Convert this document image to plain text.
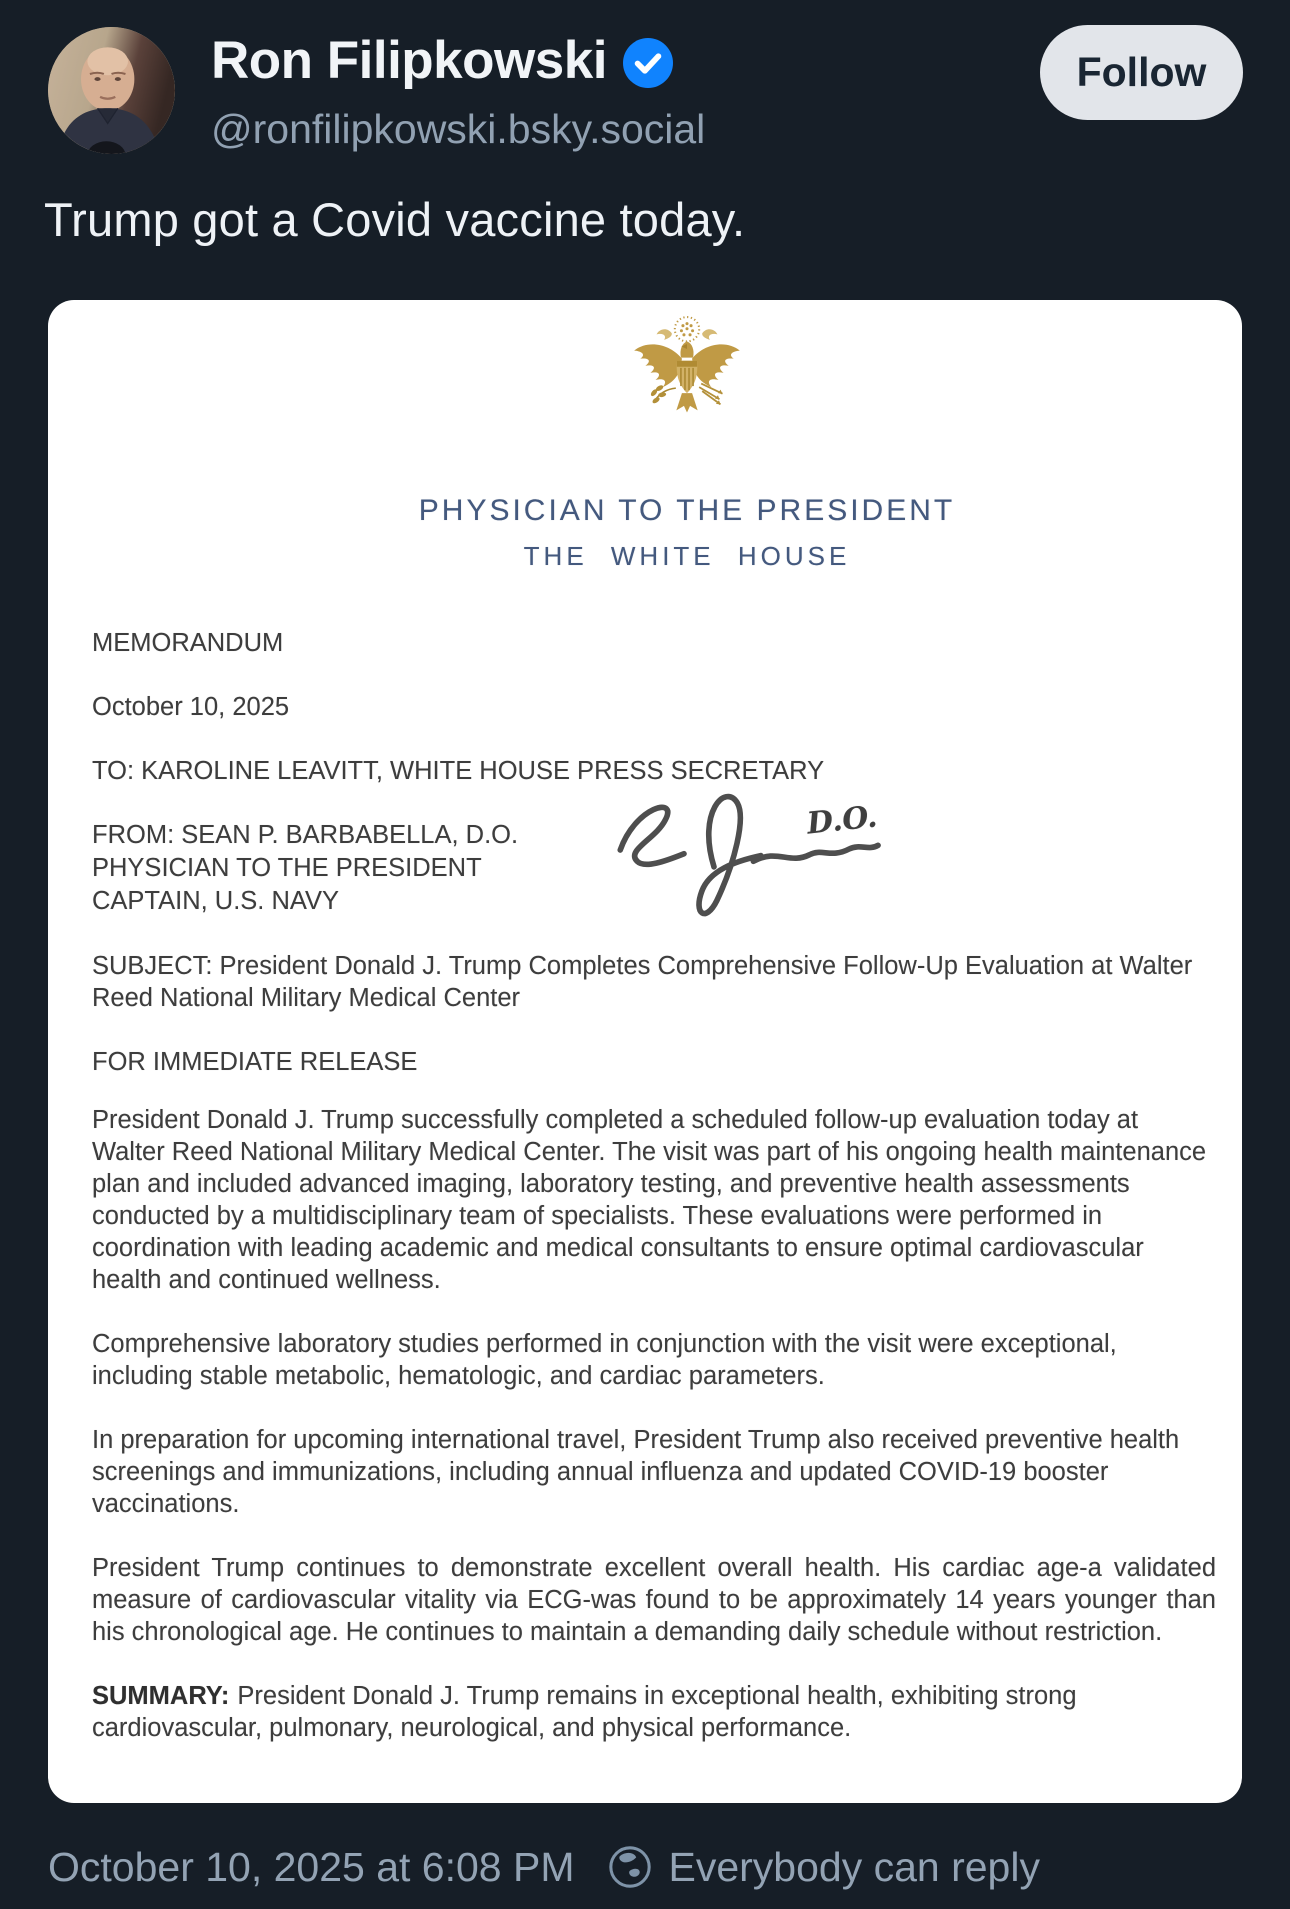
Ron Filipkowski
@ronfilipkowski.bsky.social
Follow
Trump got a Covid vaccine today.
PHYSICIAN TO THE PRESIDENT
THE WHITE HOUSE
MEMORANDUM
October 10, 2025
TO: KAROLINE LEAVITT, WHITE HOUSE PRESS SECRETARY
FROM: SEAN P. BARBABELLA, D.O.
PHYSICIAN TO THE PRESIDENT
CAPTAIN, U.S. NAVY
D.O.
SUBJECT: President Donald J. Trump Completes Comprehensive Follow-Up Evaluation at Walter Reed National Military Medical Center
FOR IMMEDIATE RELEASE

President Donald J. Trump successfully completed a scheduled follow-up evaluation today at Walter Reed National Military Medical Center. The visit was part of his ongoing health maintenance plan and included advanced imaging, laboratory testing, and preventive health assessments conducted by a multidisciplinary team of specialists. These evaluations were performed in coordination with leading academic and medical consultants to ensure optimal cardiovascular health and continued wellness.

Comprehensive laboratory studies performed in conjunction with the visit were exceptional, including stable metabolic, hematologic, and cardiac parameters.

In preparation for upcoming international travel, President Trump also received preventive health screenings and immunizations, including annual influenza and updated COVID-19 booster vaccinations.

President Trump continues to demonstrate excellent overall health. His cardiac age-a validated measure of cardiovascular vitality via ECG-was found to be approximately 14 years younger than his chronological age. He continues to maintain a demanding daily schedule without restriction.

SUMMARY: President Donald J. Trump remains in exceptional health, exhibiting strong cardiovascular, pulmonary, neurological, and physical performance.

October 10, 2025 at 6:08 PM Everybody can reply
